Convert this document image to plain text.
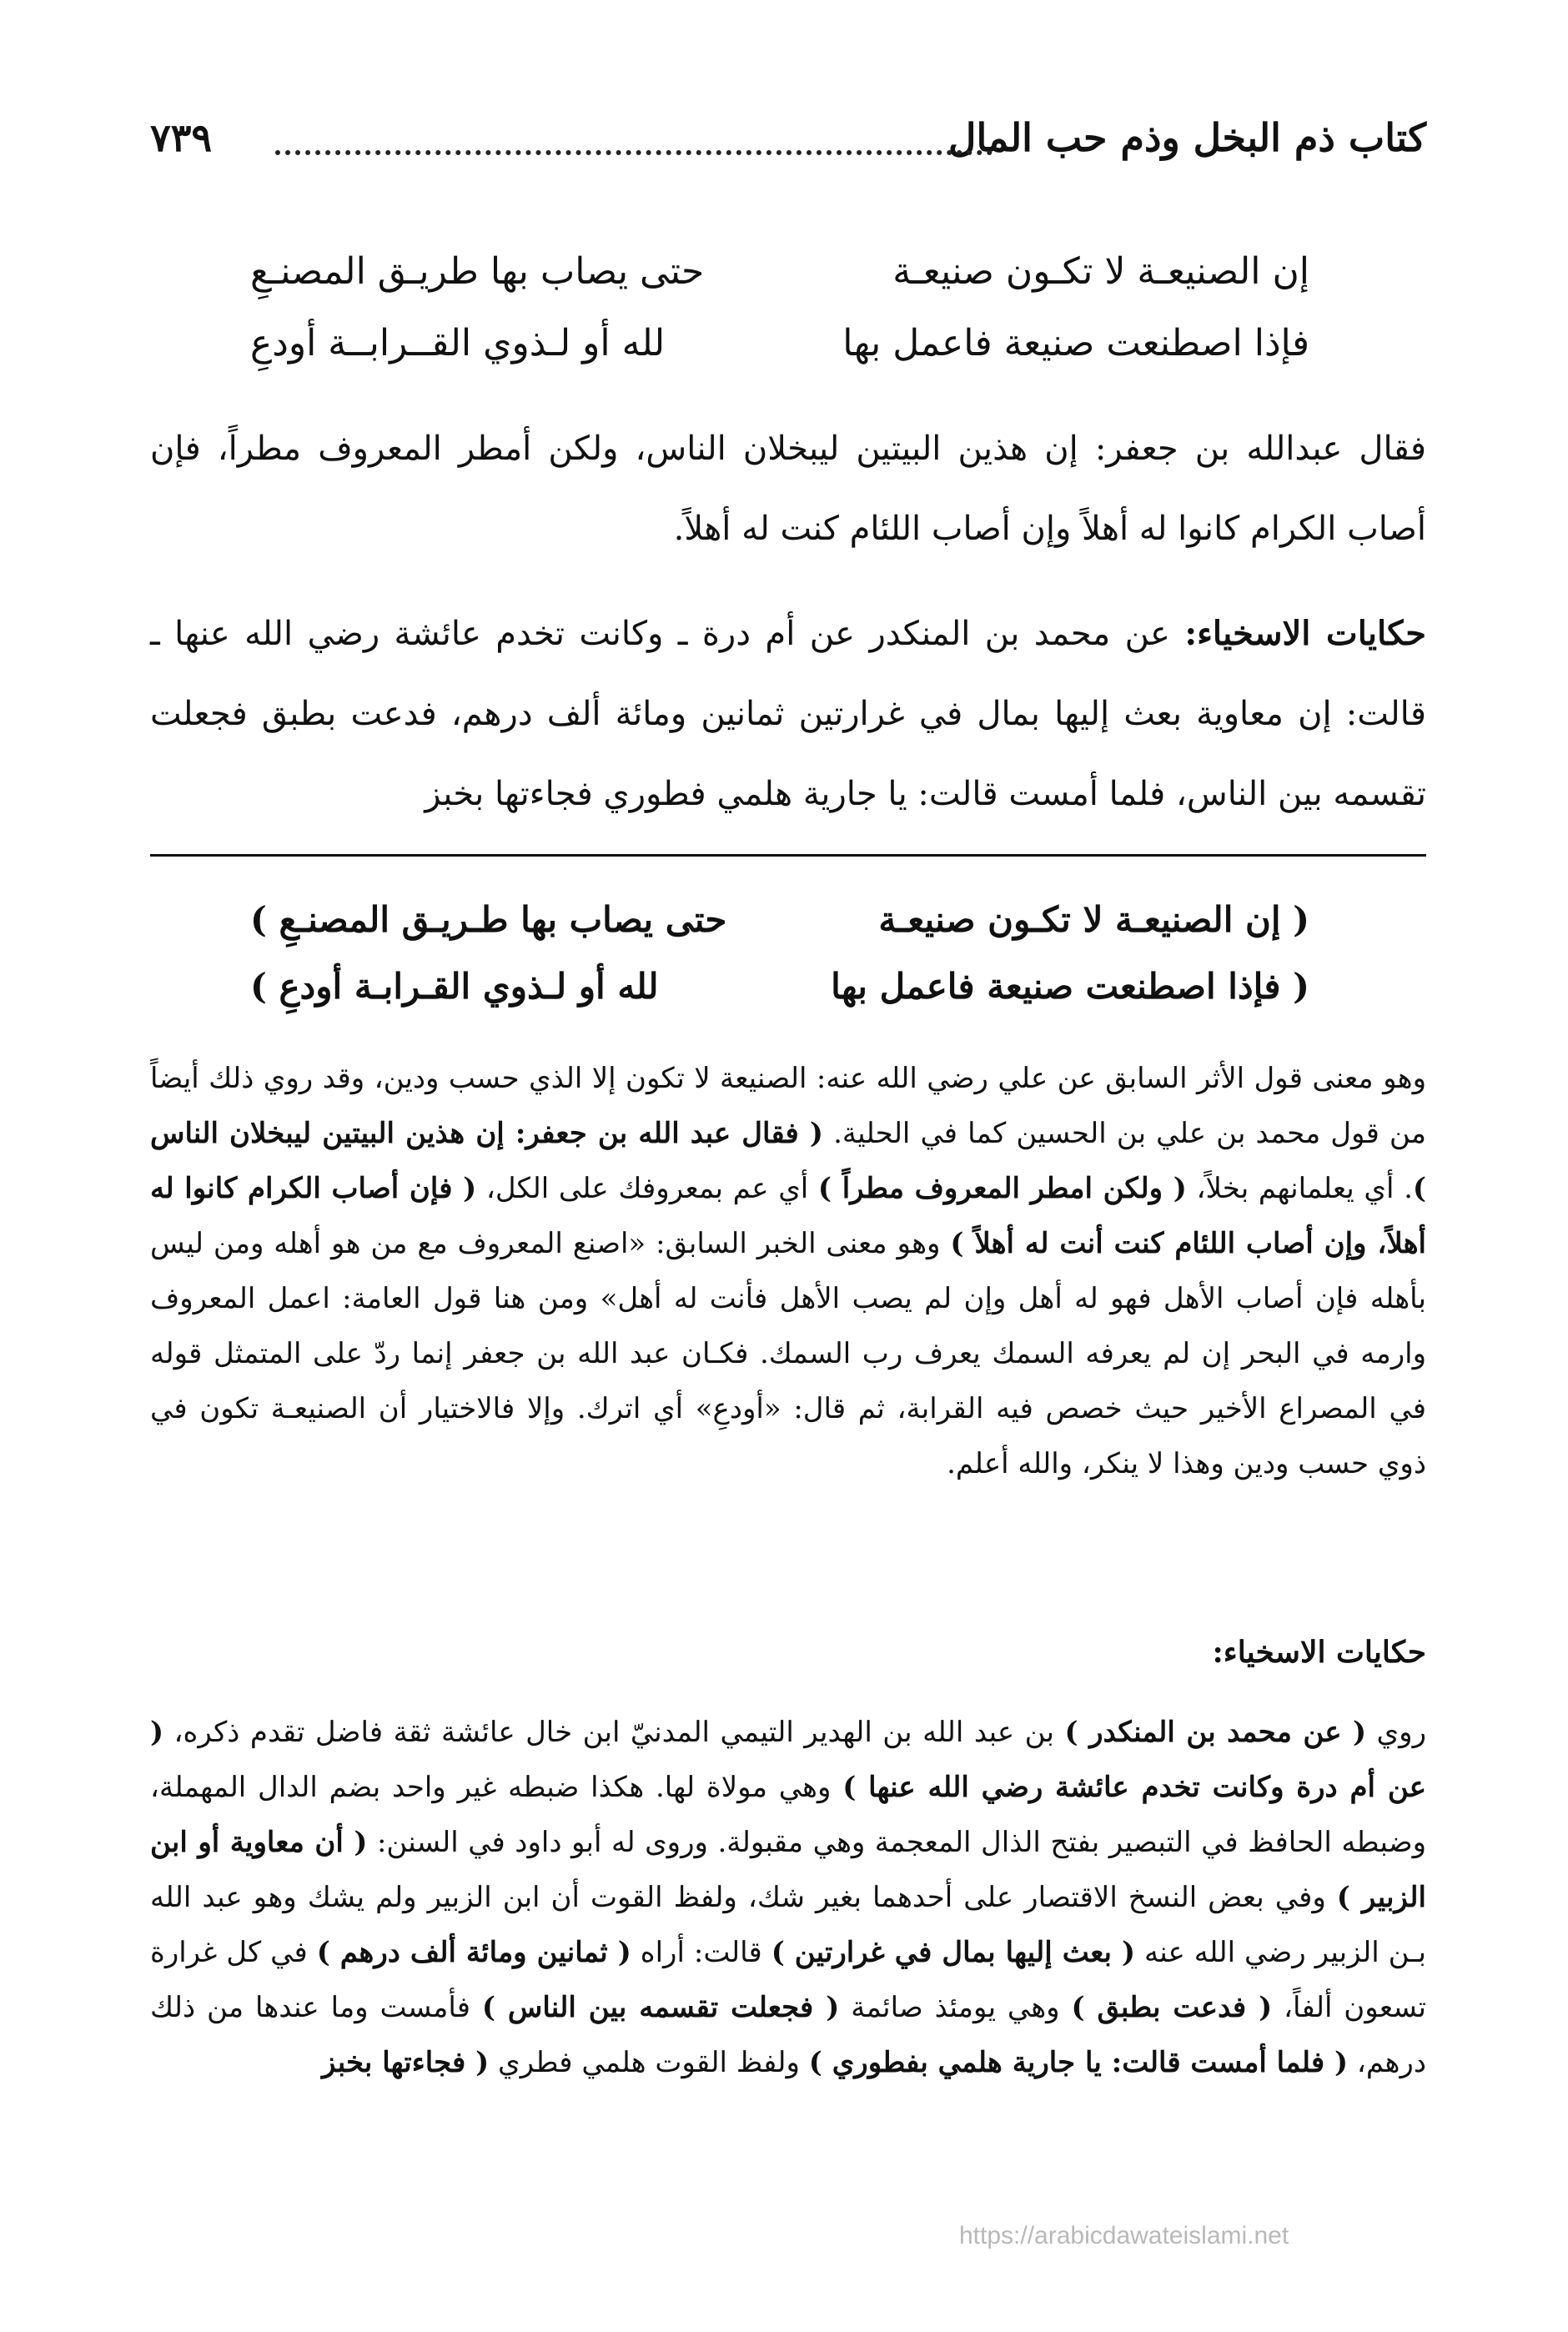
كتاب ذم البخل وذم حب المال
٧٣٩
إن الصنيعـة لا تكـون صنيعـة
حتى يصاب بها طريـق المصنـعِ
فإذا اصطنعت صنيعة فاعمل بها
لله أو لـذوي القــرابــة أودعِ

فقال عبدالله بن جعفر: إن هذين البيتين ليبخلان الناس، ولكن أمطر المعروف مطراً، فإن أصاب الكرام كانوا له أهلاً وإن أصاب اللئام كنت له أهلاً.

حكايات الاسخياء: عن محمد بن المنكدر عن أم درة ـ وكانت تخدم عائشة رضي الله عنها ـ قالت: إن معاوية بعث إليها بمال في غرارتين ثمانين ومائة ألف درهم، فدعت بطبق فجعلت تقسمه بين الناس، فلما أمست قالت: يا جارية هلمي فطوري فجاءتها بخبز

( إن الصنيعـة لا تكـون صنيعـة
حتى يصاب بها طـريـق المصنـعِ )
( فإذا اصطنعت صنيعة فاعمل بها
لله أو لـذوي القـرابـة أودعِ )

وهو معنى قول الأثر السابق عن علي رضي الله عنه: الصنيعة لا تكون إلا الذي حسب ودين، وقد روي ذلك أيضاً من قول محمد بن علي بن الحسين كما في الحلية. ( فقال عبد الله بن جعفر: إن هذين البيتين ليبخلان الناس ). أي يعلمانهم بخلاً، ( ولكن امطر المعروف مطراً ) أي عم بمعروفك على الكل، ( فإن أصاب الكرام كانوا له أهلاً، وإن أصاب اللئام كنت أنت له أهلاً ) وهو معنى الخبر السابق: «اصنع المعروف مع من هو أهله ومن ليس بأهله فإن أصاب الأهل فهو له أهل وإن لم يصب الأهل فأنت له أهل» ومن هنا قول العامة: اعمل المعروف وارمه في البحر إن لم يعرفه السمك يعرف رب السمك. فكـان عبد الله بن جعفر إنما ردّ على المتمثل قوله في المصراع الأخير حيث خصص فيه القرابة، ثم قال: «أودعِ» أي اترك. وإلا فالاختيار أن الصنيعـة تكون في ذوي حسب ودين وهذا لا ينكر، والله أعلم.

حكايات الاسخياء:

روي ( عن محمد بن المنكدر ) بن عبد الله بن الهدير التيمي المدنيّ ابن خال عائشة ثقة فاضل تقدم ذكره، ( عن أم درة وكانت تخدم عائشة رضي الله عنها ) وهي مولاة لها. هكذا ضبطه غير واحد بضم الدال المهملة، وضبطه الحافظ في التبصير بفتح الذال المعجمة وهي مقبولة. وروى له أبو داود في السنن: ( أن معاوية أو ابن الزبير ) وفي بعض النسخ الاقتصار على أحدهما بغير شك، ولفظ القوت أن ابن الزبير ولم يشك وهو عبد الله بـن الزبير رضي الله عنه ( بعث إليها بمال في غرارتين ) قالت: أراه ( ثمانين ومائة ألف درهم ) في كل غرارة تسعون ألفاً، ( فدعت بطبق ) وهي يومئذ صائمة ( فجعلت تقسمه بين الناس ) فأمست وما عندها من ذلك درهم، ( فلما أمست قالت: يا جارية هلمي بفطوري ) ولفظ القوت هلمي فطري ( فجاءتها بخبز

https://arabicdawateislami.net
